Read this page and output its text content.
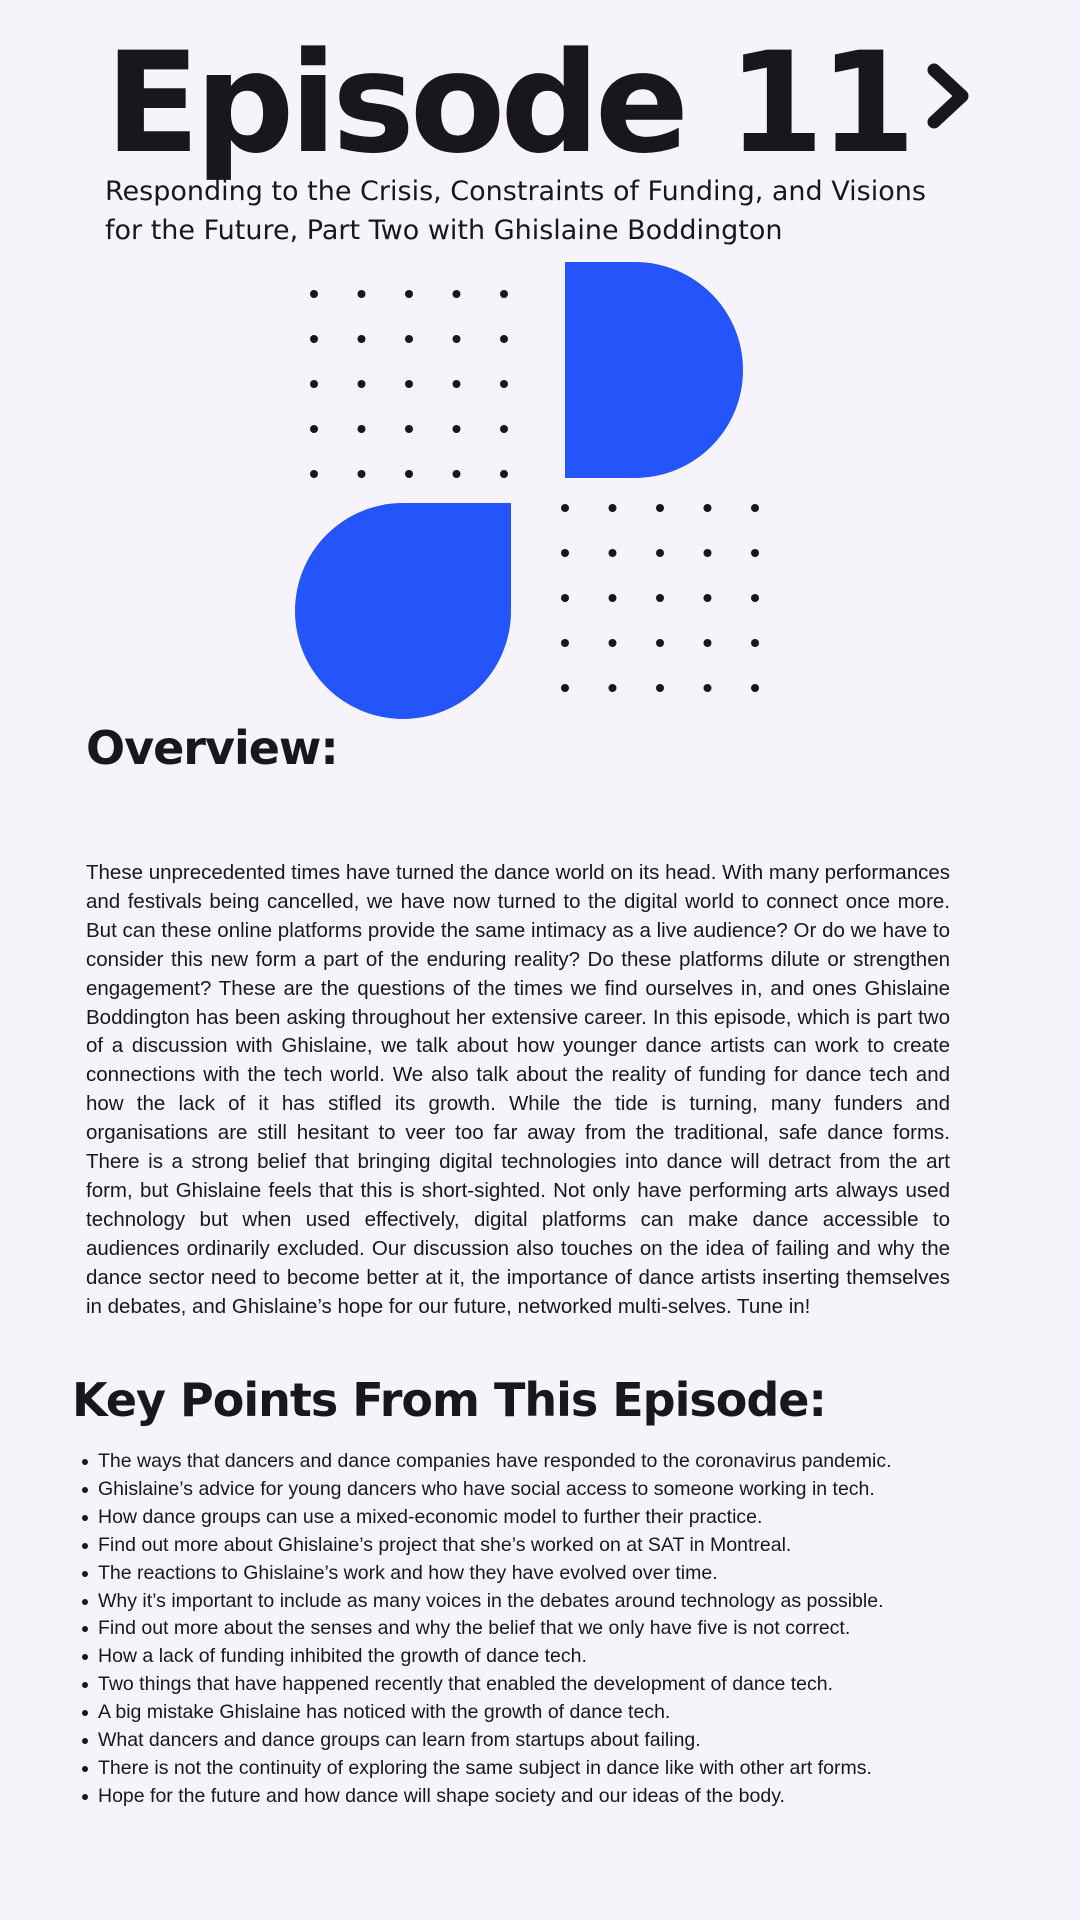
Episode 11
Responding to the Crisis, Constraints of Funding, and Visions for the Future, Part Two with Ghislaine Boddington
Overview:

These unprecedented times have turned the dance world on its head. With many performances and festivals being cancelled, we have now turned to the digital world to connect once more. But can these online platforms provide the same intimacy as a live audience? Or do we have to consider this new form a part of the enduring reality? Do these platforms dilute or strengthen engagement? These are the questions of the times we find ourselves in, and ones Ghislaine Boddington has been asking throughout her extensive career. In this episode, which is part two of a discussion with Ghislaine, we talk about how younger dance artists can work to create connections with the tech world. We also talk about the reality of funding for dance tech and how the lack of it has stifled its growth. While the tide is turning, many funders and organisations are still hesitant to veer too far away from the traditional, safe dance forms. There is a strong belief that bringing digital technologies into dance will detract from the art form, but Ghislaine feels that this is short-sighted. Not only have performing arts always used technology but when used effectively, digital platforms can make dance accessible to audiences ordinarily excluded. Our discussion also touches on the idea of failing and why the dance sector need to become better at it, the importance of dance artists inserting themselves in debates, and Ghislaine’s hope for our future, networked multi-selves. Tune in!

Key Points From This Episode:
The ways that dancers and dance companies have responded to the coronavirus pandemic.
Ghislaine’s advice for young dancers who have social access to someone working in tech.
How dance groups can use a mixed-economic model to further their practice.
Find out more about Ghislaine’s project that she’s worked on at SAT in Montreal.
The reactions to Ghislaine’s work and how they have evolved over time.
Why it’s important to include as many voices in the debates around technology as possible.
Find out more about the senses and why the belief that we only have five is not correct.
How a lack of funding inhibited the growth of dance tech.
Two things that have happened recently that enabled the development of dance tech.
A big mistake Ghislaine has noticed with the growth of dance tech.
What dancers and dance groups can learn from startups about failing.
There is not the continuity of exploring the same subject in dance like with other art forms.
Hope for the future and how dance will shape society and our ideas of the body.
